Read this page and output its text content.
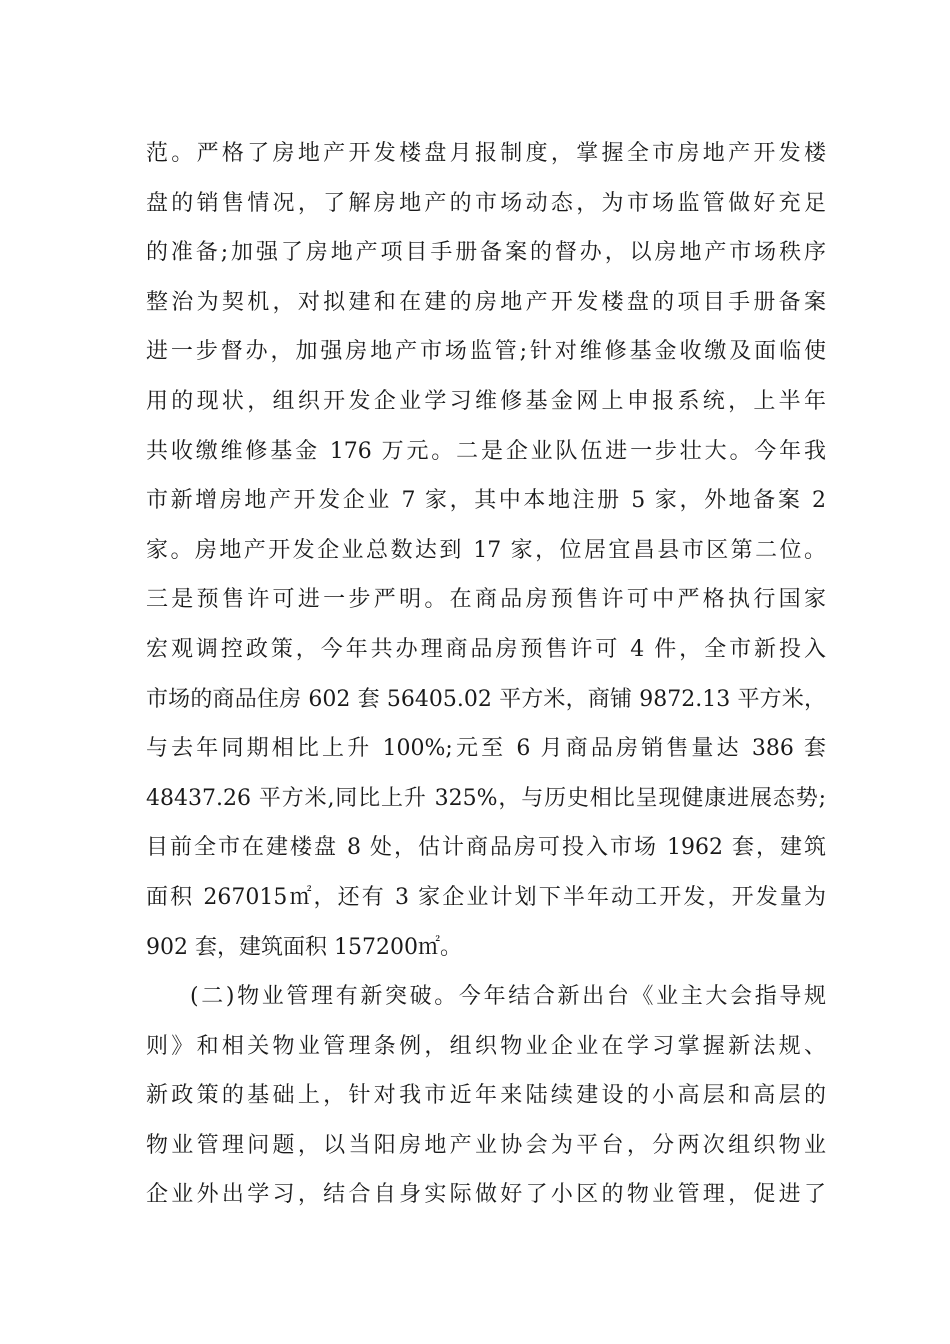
范。严格了房地产开发楼盘月报制度，掌握全市房地产开发楼
盘的销售情况，了解房地产的市场动态，为市场监管做好充足
的准备;加强了房地产项目手册备案的督办，以房地产市场秩序
整治为契机，对拟建和在建的房地产开发楼盘的项目手册备案
进一步督办，加强房地产市场监管;针对维修基金收缴及面临使
用的现状，组织开发企业学习维修基金网上申报系统，上半年
共收缴维修基金 176 万元。二是企业队伍进一步壮大。今年我
市新增房地产开发企业 7 家，其中本地注册 5 家，外地备案 2
家。房地产开发企业总数达到 17 家，位居宜昌县市区第二位。
三是预售许可进一步严明。在商品房预售许可中严格执行国家
宏观调控政策，今年共办理商品房预售许可 4 件，全市新投入
市场的商品住房 602 套 56405.02 平方米，商铺 9872.13 平方米，
与去年同期相比上升 100%;元至 6 月商品房销售量达 386 套
48437.26 平方米,同比上升 325%，与历史相比呈现健康进展态势;
目前全市在建楼盘 8 处，估计商品房可投入市场 1962 套，建筑
面积 267015㎡，还有 3 家企业计划下半年动工开发，开发量为
902 套，建筑面积 157200㎡。
(二)物业管理有新突破。今年结合新出台《业主大会指导规
则》和相关物业管理条例，组织物业企业在学习掌握新法规、
新政策的基础上，针对我市近年来陆续建设的小高层和高层的
物业管理问题，以当阳房地产业协会为平台，分两次组织物业
企业外出学习，结合自身实际做好了小区的物业管理，促进了
